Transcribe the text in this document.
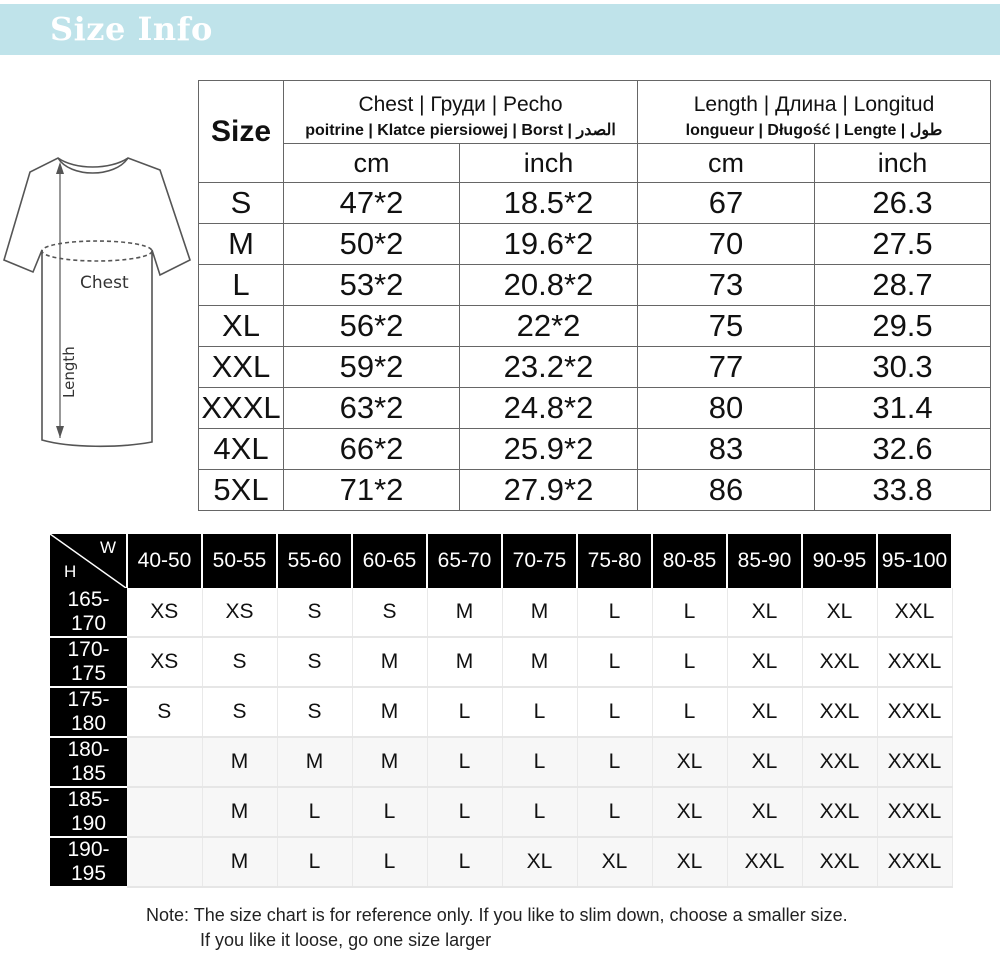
Size Info
Chest
Length
Size	Chest | Груди | Pecho		Length | Длина | Longitud	
	poitrine | Klatce piersiowej | Borst | الصدر		longueur | Długość | Lengte | طول	
	cm	inch	cm	inch
S	47*2	18.5*2	67	26.3
M	50*2	19.6*2	70	27.5
L	53*2	20.8*2	73	28.7
XL	56*2	22*2	75	29.5
XXL	59*2	23.2*2	77	30.3
XXXL	63*2	24.8*2	80	31.4
4XL	66*2	25.9*2	83	32.6
5XL	71*2	27.9*2	86	33.8
W
H	40-50	50-55	55-60	60-65	65-70	70-75	75-80	80-85	85-90	90-95	95-100
165-170	XS	XS	S	S	M	M	L	L	XL	XL	XXL
170-175	XS	S	S	M	M	M	L	L	XL	XXL	XXXL
175-180	S	S	S	M	L	L	L	L	XL	XXL	XXXL
180-185		M	M	M	L	L	L	XL	XL	XXL	XXXL
185-190		M	L	L	L	L	L	XL	XL	XXL	XXXL
190-195		M	L	L	L	XL	XL	XL	XXL	XXL	XXXL
Note: The size chart is for reference only. If you like to slim down, choose a smaller size.
If you like it loose, go one size larger
